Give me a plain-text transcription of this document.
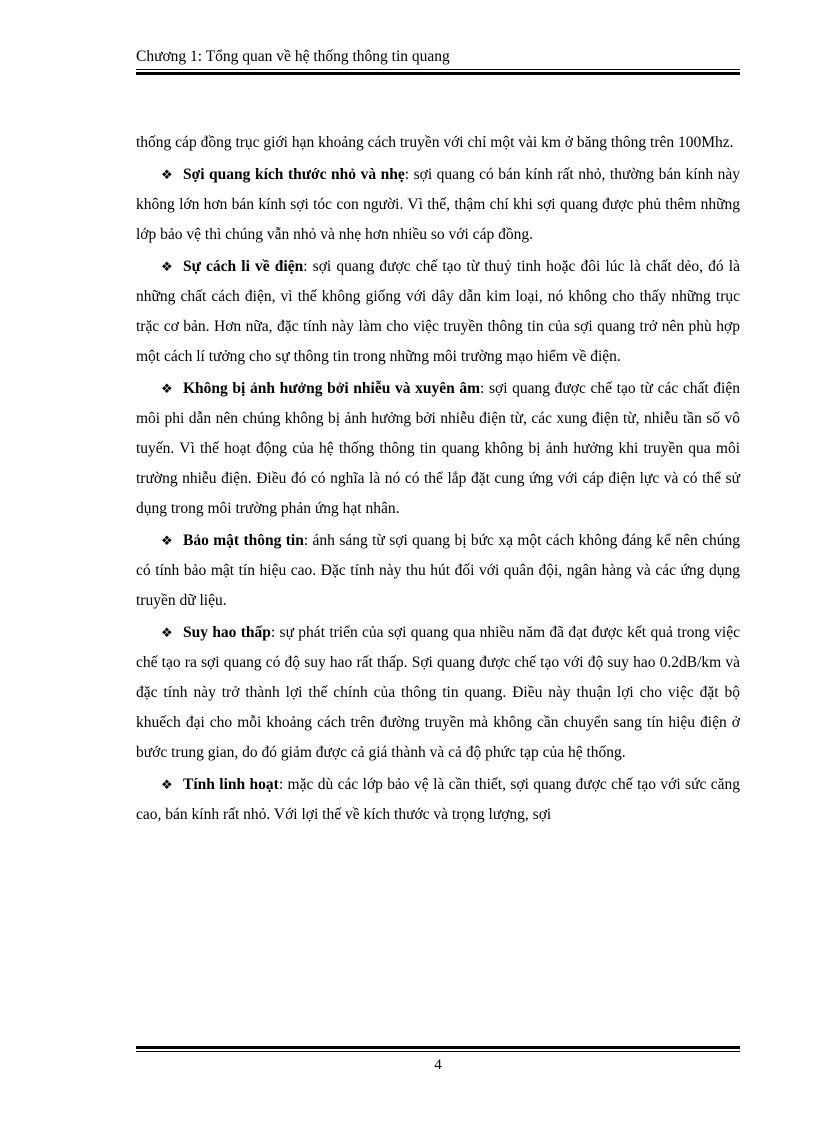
Chương 1: Tổng quan về hệ thống thông tin quang

thống cáp đồng trục giới hạn khoảng cách truyền với chỉ một vài km ở băng thông trên 100Mhz.

❖ Sợi quang kích thước nhỏ và nhẹ: sợi quang có bán kính rất nhỏ, thường bán kính này không lớn hơn bán kính sợi tóc con người. Vì thế, thậm chí khi sợi quang được phủ thêm những lớp bảo vệ thì chúng vẫn nhỏ và nhẹ hơn nhiều so với cáp đồng.

❖ Sự cách li về điện: sợi quang được chế tạo từ thuỷ tinh hoặc đôi lúc là chất dẻo, đó là những chất cách điện, vì thế không giống với dây dẫn kim loại, nó không cho thấy những trục trặc cơ bản. Hơn nữa, đặc tính này làm cho việc truyền thông tin của sợi quang trở nên phù hợp một cách lí tưởng cho sự thông tin trong những môi trường mạo hiểm về điện.

❖ Không bị ảnh hưởng bởi nhiễu và xuyên âm: sợi quang được chế tạo từ các chất điện môi phi dẫn nên chúng không bị ảnh hưởng bởi nhiễu điện từ, các xung điện từ, nhiễu tần số vô tuyến. Vì thế hoạt động của hệ thống thông tin quang không bị ảnh hưởng khi truyền qua môi trường nhiễu điện. Điều đó có nghĩa là nó có thể lắp đặt cung ứng với cáp điện lực và có thể sử dụng trong môi trường phản ứng hạt nhân.

❖ Bảo mật thông tin: ánh sáng từ sợi quang bị bức xạ một cách không đáng kể nên chúng có tính bảo mật tín hiệu cao. Đặc tính này thu hút đối với quân đội, ngân hàng và các ứng dụng truyền dữ liệu.

❖ Suy hao thấp: sự phát triển của sợi quang qua nhiều năm đã đạt được kết quả trong việc chế tạo ra sợi quang có độ suy hao rất thấp. Sợi quang được chế tạo với độ suy hao 0.2dB/km và đặc tính này trở thành lợi thế chính của thông tin quang. Điều này thuận lợi cho việc đặt bộ khuếch đại cho mỗi khoảng cách trên đường truyền mà không cần chuyển sang tín hiệu điện ở bước trung gian, do đó giảm được cả giá thành và cả độ phức tạp của hệ thống.

❖ Tính linh hoạt: mặc dù các lớp bảo vệ là cần thiết, sợi quang được chế tạo với sức căng cao, bán kính rất nhỏ. Với lợi thế về kích thước và trọng lượng, sợi

4
